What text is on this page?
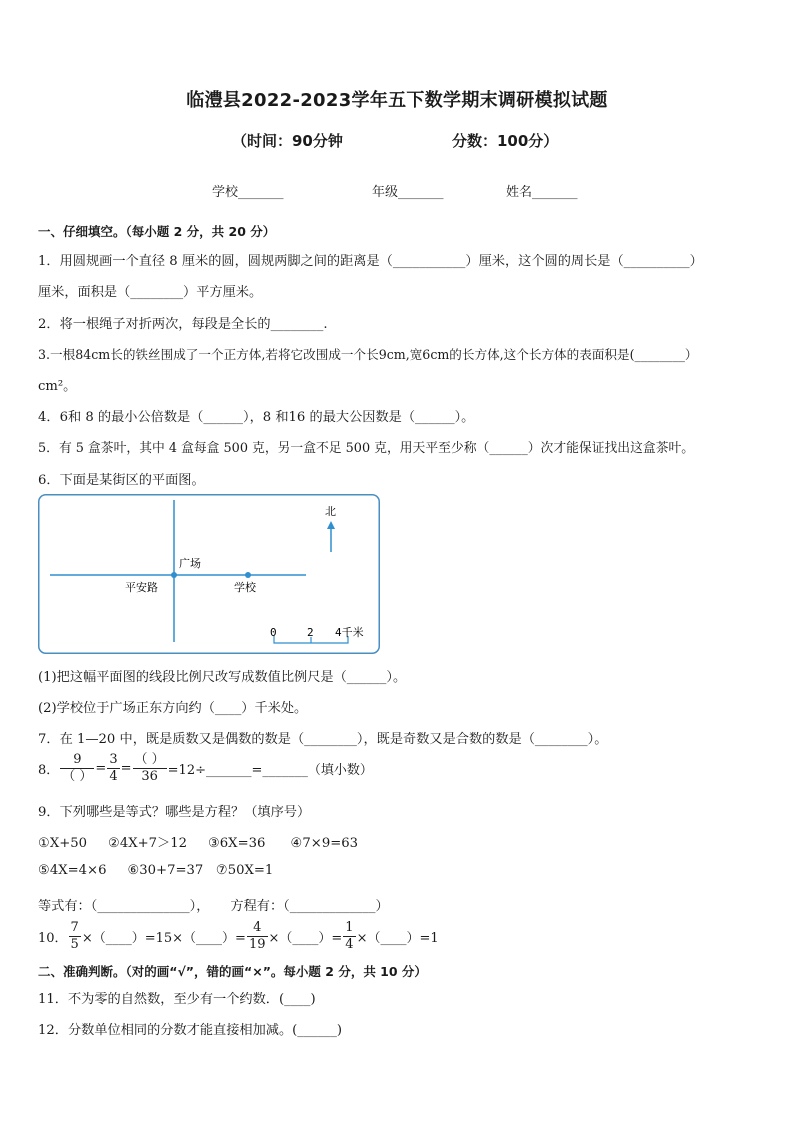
临澧县2022-2023学年五下数学期末调研模拟试题
（时间：90分钟	分数：100分）
学校_______	年级_______	姓名_______
一、仔细填空。（每小题 2 分，共 20 分）
1．用圆规画一个直径 8 厘米的圆，圆规两脚之间的距离是（___________）厘米，这个圆的周长是（__________）
厘米，面积是（________）平方厘米。
2．将一根绳子对折两次，每段是全长的________.
3.一根84cm长的铁丝围成了一个正方体,若将它改围成一个长9cm,宽6cm的长方体,这个长方体的表面积是(________）
cm²。
4．6和 8 的最小公倍数是（______），8 和16 的最大公因数是（______）。
5．有 5 盒茶叶，其中 4 盒每盒 500 克，另一盒不足 500 克，用天平至少称（______）次才能保证找出这盒茶叶。
6．下面是某街区的平面图。
广场
平安路	学校
北
0	2 4千米
(1)把这幅平面图的线段比例尺改写成数值比例尺是（______）。
(2)学校位于广场正东方向约（____）千米处。
7．在 1—20 中，既是质数又是偶数的数是（________），既是奇数又是合数的数是（________）。
8． $\frac{9}{( )} = \frac{3}{4} = \frac{( )}{36}$ =12÷_______=_______（填小数）
9．下列哪些是等式？哪些是方程？（填序号）
①X+50     ②4X+7＞12     ③6X=36      ④7×9=63
⑤4X=4×6     ⑥30+7=37   ⑦50X=1
等式有：（______________），     方程有：（_____________）
10． $\frac{7}{5}$ ×（____）=15×（____）= $\frac{4}{19}$ ×（____）= $\frac{1}{4}$ ×（____）=1
二、准确判断。（对的画“√”，错的画“×”。每小题 2 分，共 10 分）
11．不为零的自然数，至少有一个约数．(____)
12．分数单位相同的分数才能直接相加减。(______)
